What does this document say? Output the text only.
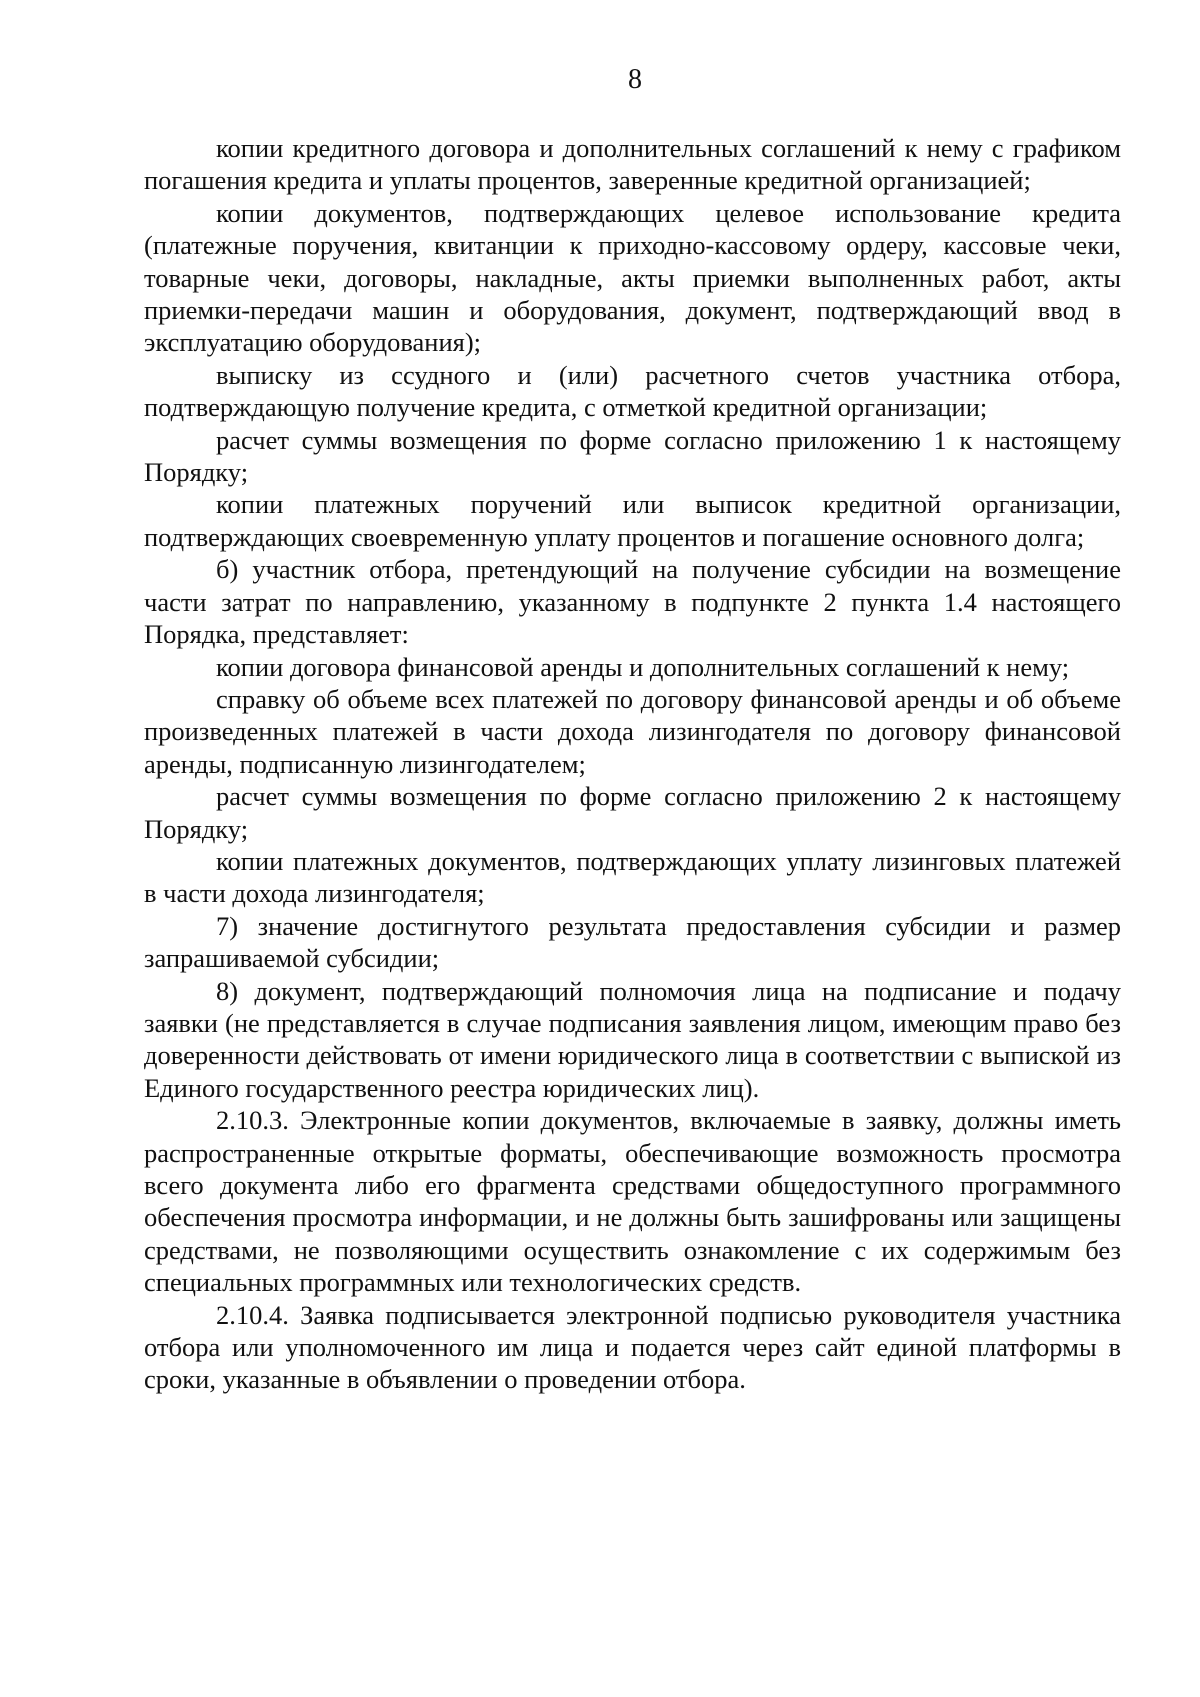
8

копии кредитного договора и дополнительных соглашений к нему с графиком погашения кредита и уплаты процентов, заверенные кредитной организацией;

копии документов, подтверждающих целевое использование кредита (платежные поручения, квитанции к приходно-кассовому ордеру, кассовые чеки, товарные чеки, договоры, накладные, акты приемки выполненных работ, акты приемки-передачи машин и оборудования, документ, подтверждающий ввод в эксплуатацию оборудования);

выписку из ссудного и (или) расчетного счетов участника отбора, подтверждающую получение кредита, с отметкой кредитной организации;

расчет суммы возмещения по форме согласно приложению 1 к настоящему Порядку;

копии платежных поручений или выписок кредитной организации, подтверждающих своевременную уплату процентов и погашение основного долга;

б) участник отбора, претендующий на получение субсидии на возмещение части затрат по направлению, указанному в подпункте 2 пункта 1.4 настоящего Порядка, представляет:

копии договора финансовой аренды и дополнительных соглашений к нему;

справку об объеме всех платежей по договору финансовой аренды и об объеме произведенных платежей в части дохода лизингодателя по договору финансовой аренды, подписанную лизингодателем;

расчет суммы возмещения по форме согласно приложению 2 к настоящему Порядку;

копии платежных документов, подтверждающих уплату лизинговых платежей в части дохода лизингодателя;

7) значение достигнутого результата предоставления субсидии и размер запрашиваемой субсидии;

8) документ, подтверждающий полномочия лица на подписание и подачу заявки (не представляется в случае подписания заявления лицом, имеющим право без доверенности действовать от имени юридического лица в соответствии с выпиской из Единого государственного реестра юридических лиц).

2.10.3. Электронные копии документов, включаемые в заявку, должны иметь распространенные открытые форматы, обеспечивающие возможность просмотра всего документа либо его фрагмента средствами общедоступного программного обеспечения просмотра информации, и не должны быть зашифрованы или защищены средствами, не позволяющими осуществить ознакомление с их содержимым без специальных программных или технологических средств.

2.10.4. Заявка подписывается электронной подписью руководителя участника отбора или уполномоченного им лица и подается через сайт единой платформы в сроки, указанные в объявлении о проведении отбора.
